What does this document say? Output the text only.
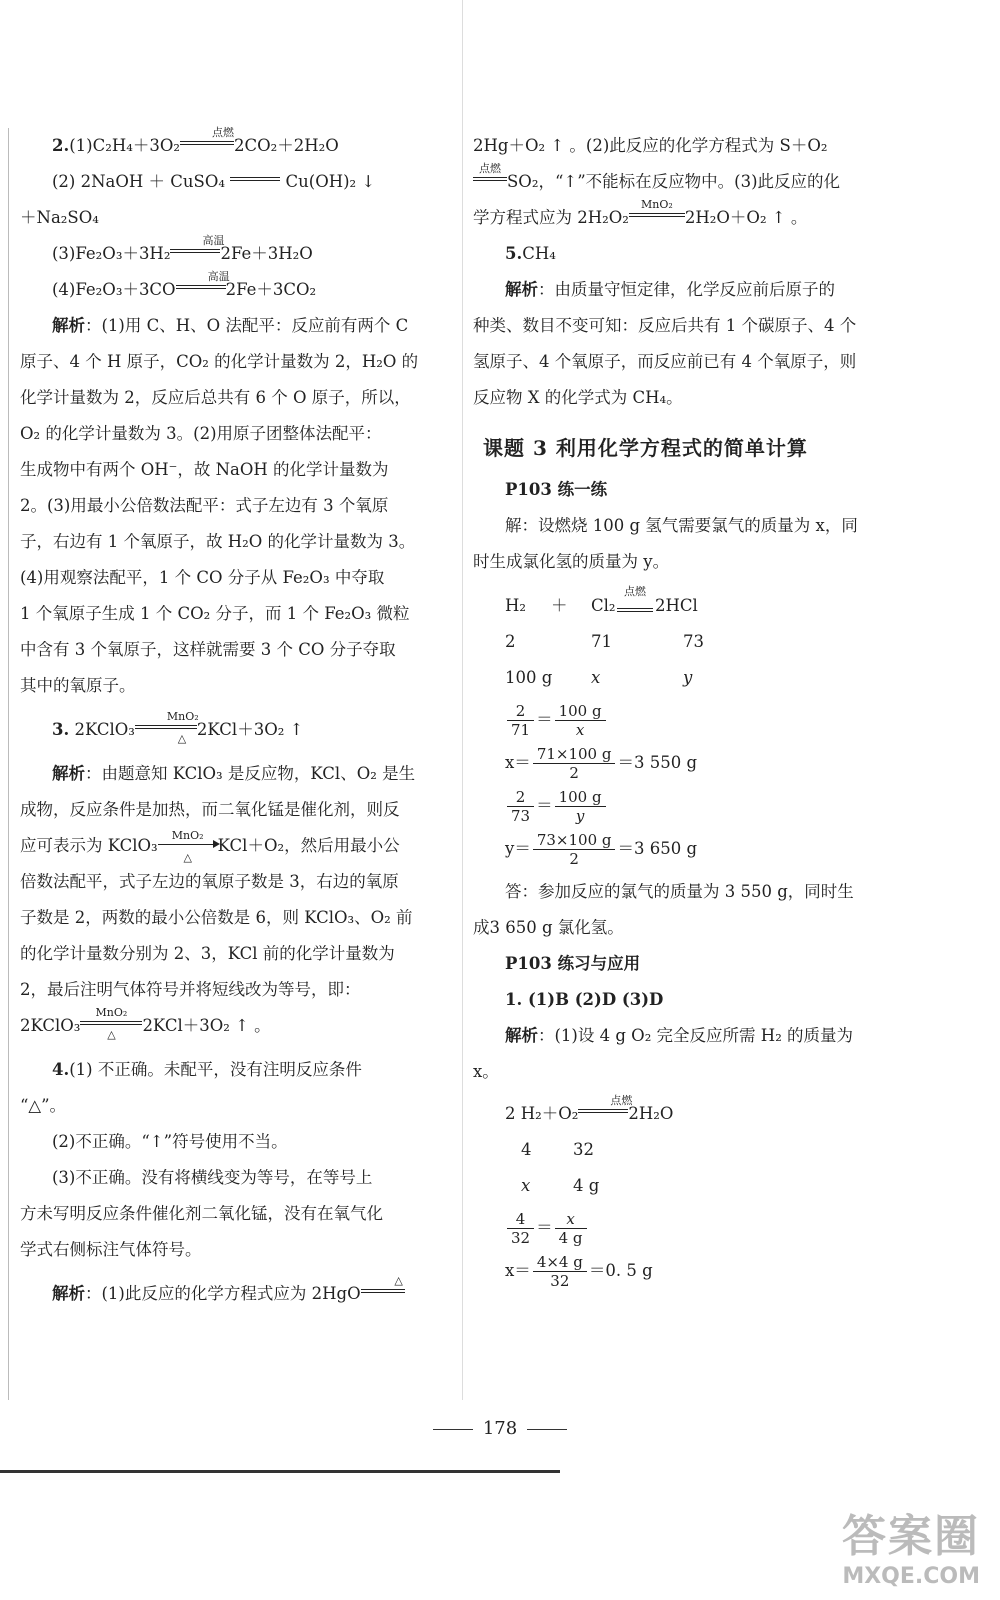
2.(1)C₂H₄＋3O₂
点燃
2CO₂＋2H₂O

(2) 2NaOH ＋ CuSO₄	Cu(OH)₂ ↓

＋Na₂SO₄

(3)Fe₂O₃＋3H₂
高温
2Fe＋3H₂O

(4)Fe₂O₃＋3CO
高温
2Fe＋3CO₂

解析：(1)用 C、H、O 法配平：反应前有两个 C

原子、4 个 H 原子，CO₂ 的化学计量数为 2，H₂O 的

化学计量数为 2，反应后总共有 6 个 O 原子，所以，

O₂ 的化学计量数为 3。(2)用原子团整体法配平：

生成物中有两个 OH⁻，故 NaOH 的化学计量数为

2。(3)用最小公倍数法配平：式子左边有 3 个氧原

子，右边有 1 个氧原子，故 H₂O 的化学计量数为 3。

(4)用观察法配平，1 个 CO 分子从 Fe₂O₃ 中夺取

1 个氧原子生成 1 个 CO₂ 分子，而 1 个 Fe₂O₃ 微粒

中含有 3 个氧原子，这样就需要 3 个 CO 分子夺取

其中的氧原子。

3. 2KClO₃
MnO₂
△ 2KCl＋3O₂ ↑

解析：由题意知 KClO₃ 是反应物，KCl、O₂ 是生

成物，反应条件是加热，而二氧化锰是催化剂，则反

应可表示为 KClO₃
MnO₂
△
KCl＋O₂，然后用最小公

倍数法配平，式子左边的氧原子数是 3，右边的氧原

子数是 2，两数的最小公倍数是 6，则 KClO₃、O₂ 前

的化学计量数分别为 2、3，KCl 前的化学计量数为

2，最后注明气体符号并将短线改为等号，即：

2KClO₃
MnO₂
△	2KCl＋3O₂ ↑ 。

4.(1) 不正确。未配平，没有注明反应条件

“△”。

(2)不正确。“↑”符号使用不当。

(3)不正确。没有将横线变为等号，在等号上

方未写明反应条件催化剂二氧化锰，没有在氧气化

学式右侧标注气体符号。

解析：(1)此反应的化学方程式应为 2HgO
△

2Hg＋O₂ ↑ 。(2)此反应的化学方程式为 S＋O₂

点燃
SO₂，“↑”不能标在反应物中。(3)此反应的化

学方程式应为 2H₂O₂
MnO₂
2H₂O＋O₂ ↑ 。

5.CH₄

解析：由质量守恒定律，化学反应前后原子的

种类、数目不变可知：反应后共有 1 个碳原子、4 个

氢原子、4 个氧原子，而反应前已有 4 个氧原子，则

反应物 X 的化学式为 CH₄。

课题 3 利用化学方程式的简单计算
P103 练一练

解：设燃烧 100 g 氢气需要氯气的质量为 x，同

时生成氯化氢的质量为 y。

H₂ ＋ Cl₂
点燃
2HCl
2	71	73
100 g x	y
$\frac{2}{71} = \frac{100 g}{x}$
$x= \frac{71\times 100 g}{2} =3$ 550 g
$\frac{2}{73} = \frac{100 g}{y}$
$y= \frac{73\times 100 g}{2} =3$ 650 g

答：参加反应的氯气的质量为 3 550 g，同时生

成3 650 g 氯化氢。

P103 练习与应用

1. (1)B (2)D (3)D

解析：(1)设 4 g O₂ 完全反应所需 H₂ 的质量为

x。

2 H₂＋O₂
点燃
2H₂O

4	32
x	4 g
$\frac{4}{32} = \frac{x}{4 g}$
$x= \frac{4\times 4 g}{32} =0$. 5 g
178
答案圈
MXQE.COM
